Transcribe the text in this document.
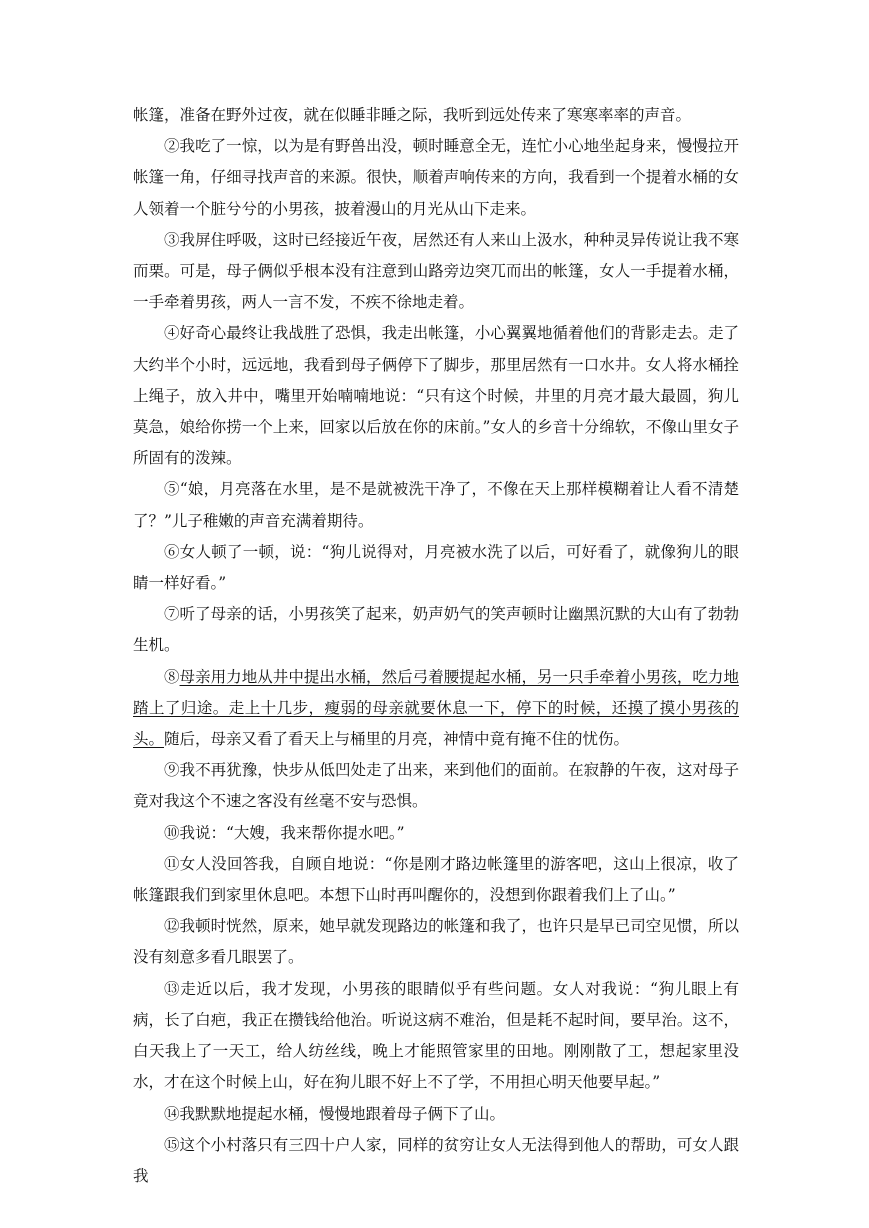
帐篷，准备在野外过夜，就在似睡非睡之际，我听到远处传来了寒寒率率的声音。

②我吃了一惊，以为是有野兽出没，顿时睡意全无，连忙小心地坐起身来，慢慢拉开帐篷一角，仔细寻找声音的来源。很快，顺着声响传来的方向，我看到一个提着水桶的女人领着一个脏兮兮的小男孩，披着漫山的月光从山下走来。

③我屏住呼吸，这时已经接近午夜，居然还有人来山上汲水，种种灵异传说让我不寒而栗。可是，母子俩似乎根本没有注意到山路旁边突兀而出的帐篷，女人一手提着水桶，一手牵着男孩，两人一言不发，不疾不徐地走着。

④好奇心最终让我战胜了恐惧，我走出帐篷，小心翼翼地循着他们的背影走去。走了大约半个小时，远远地，我看到母子俩停下了脚步，那里居然有一口水井。女人将水桶拴上绳子，放入井中，嘴里开始喃喃地说：“只有这个时候，井里的月亮才最大最圆，狗儿莫急，娘给你捞一个上来，回家以后放在你的床前。”女人的乡音十分绵软，不像山里女子所固有的泼辣。

⑤“娘，月亮落在水里，是不是就被洗干净了，不像在天上那样模糊着让人看不清楚了？”儿子稚嫩的声音充满着期待。

⑥女人顿了一顿，说：“狗儿说得对，月亮被水洗了以后，可好看了，就像狗儿的眼睛一样好看。”

⑦听了母亲的话，小男孩笑了起来，奶声奶气的笑声顿时让幽黑沉默的大山有了勃勃生机。

⑧母亲用力地从井中提出水桶，然后弓着腰提起水桶，另一只手牵着小男孩，吃力地踏上了归途。走上十几步，瘦弱的母亲就要休息一下，停下的时候，还摸了摸小男孩的头。随后，母亲又看了看天上与桶里的月亮，神情中竟有掩不住的忧伤。

⑨我不再犹豫，快步从低凹处走了出来，来到他们的面前。在寂静的午夜，这对母子竟对我这个不速之客没有丝毫不安与恐惧。

⑩我说：“大嫂，我来帮你提水吧。”

⑪女人没回答我，自顾自地说：“你是刚才路边帐篷里的游客吧，这山上很凉，收了帐篷跟我们到家里休息吧。本想下山时再叫醒你的，没想到你跟着我们上了山。”

⑫我顿时恍然，原来，她早就发现路边的帐篷和我了，也许只是早已司空见惯，所以没有刻意多看几眼罢了。

⑬走近以后，我才发现，小男孩的眼睛似乎有些问题。女人对我说：“狗儿眼上有病，长了白疤，我正在攒钱给他治。听说这病不难治，但是耗不起时间，要早治。这不，白天我上了一天工，给人纺丝线，晚上才能照管家里的田地。刚刚散了工，想起家里没水，才在这个时候上山，好在狗儿眼不好上不了学，不用担心明天他要早起。”

⑭我默默地提起水桶，慢慢地跟着母子俩下了山。

⑮这个小村落只有三四十户人家，同样的贫穷让女人无法得到他人的帮助，可女人跟我
